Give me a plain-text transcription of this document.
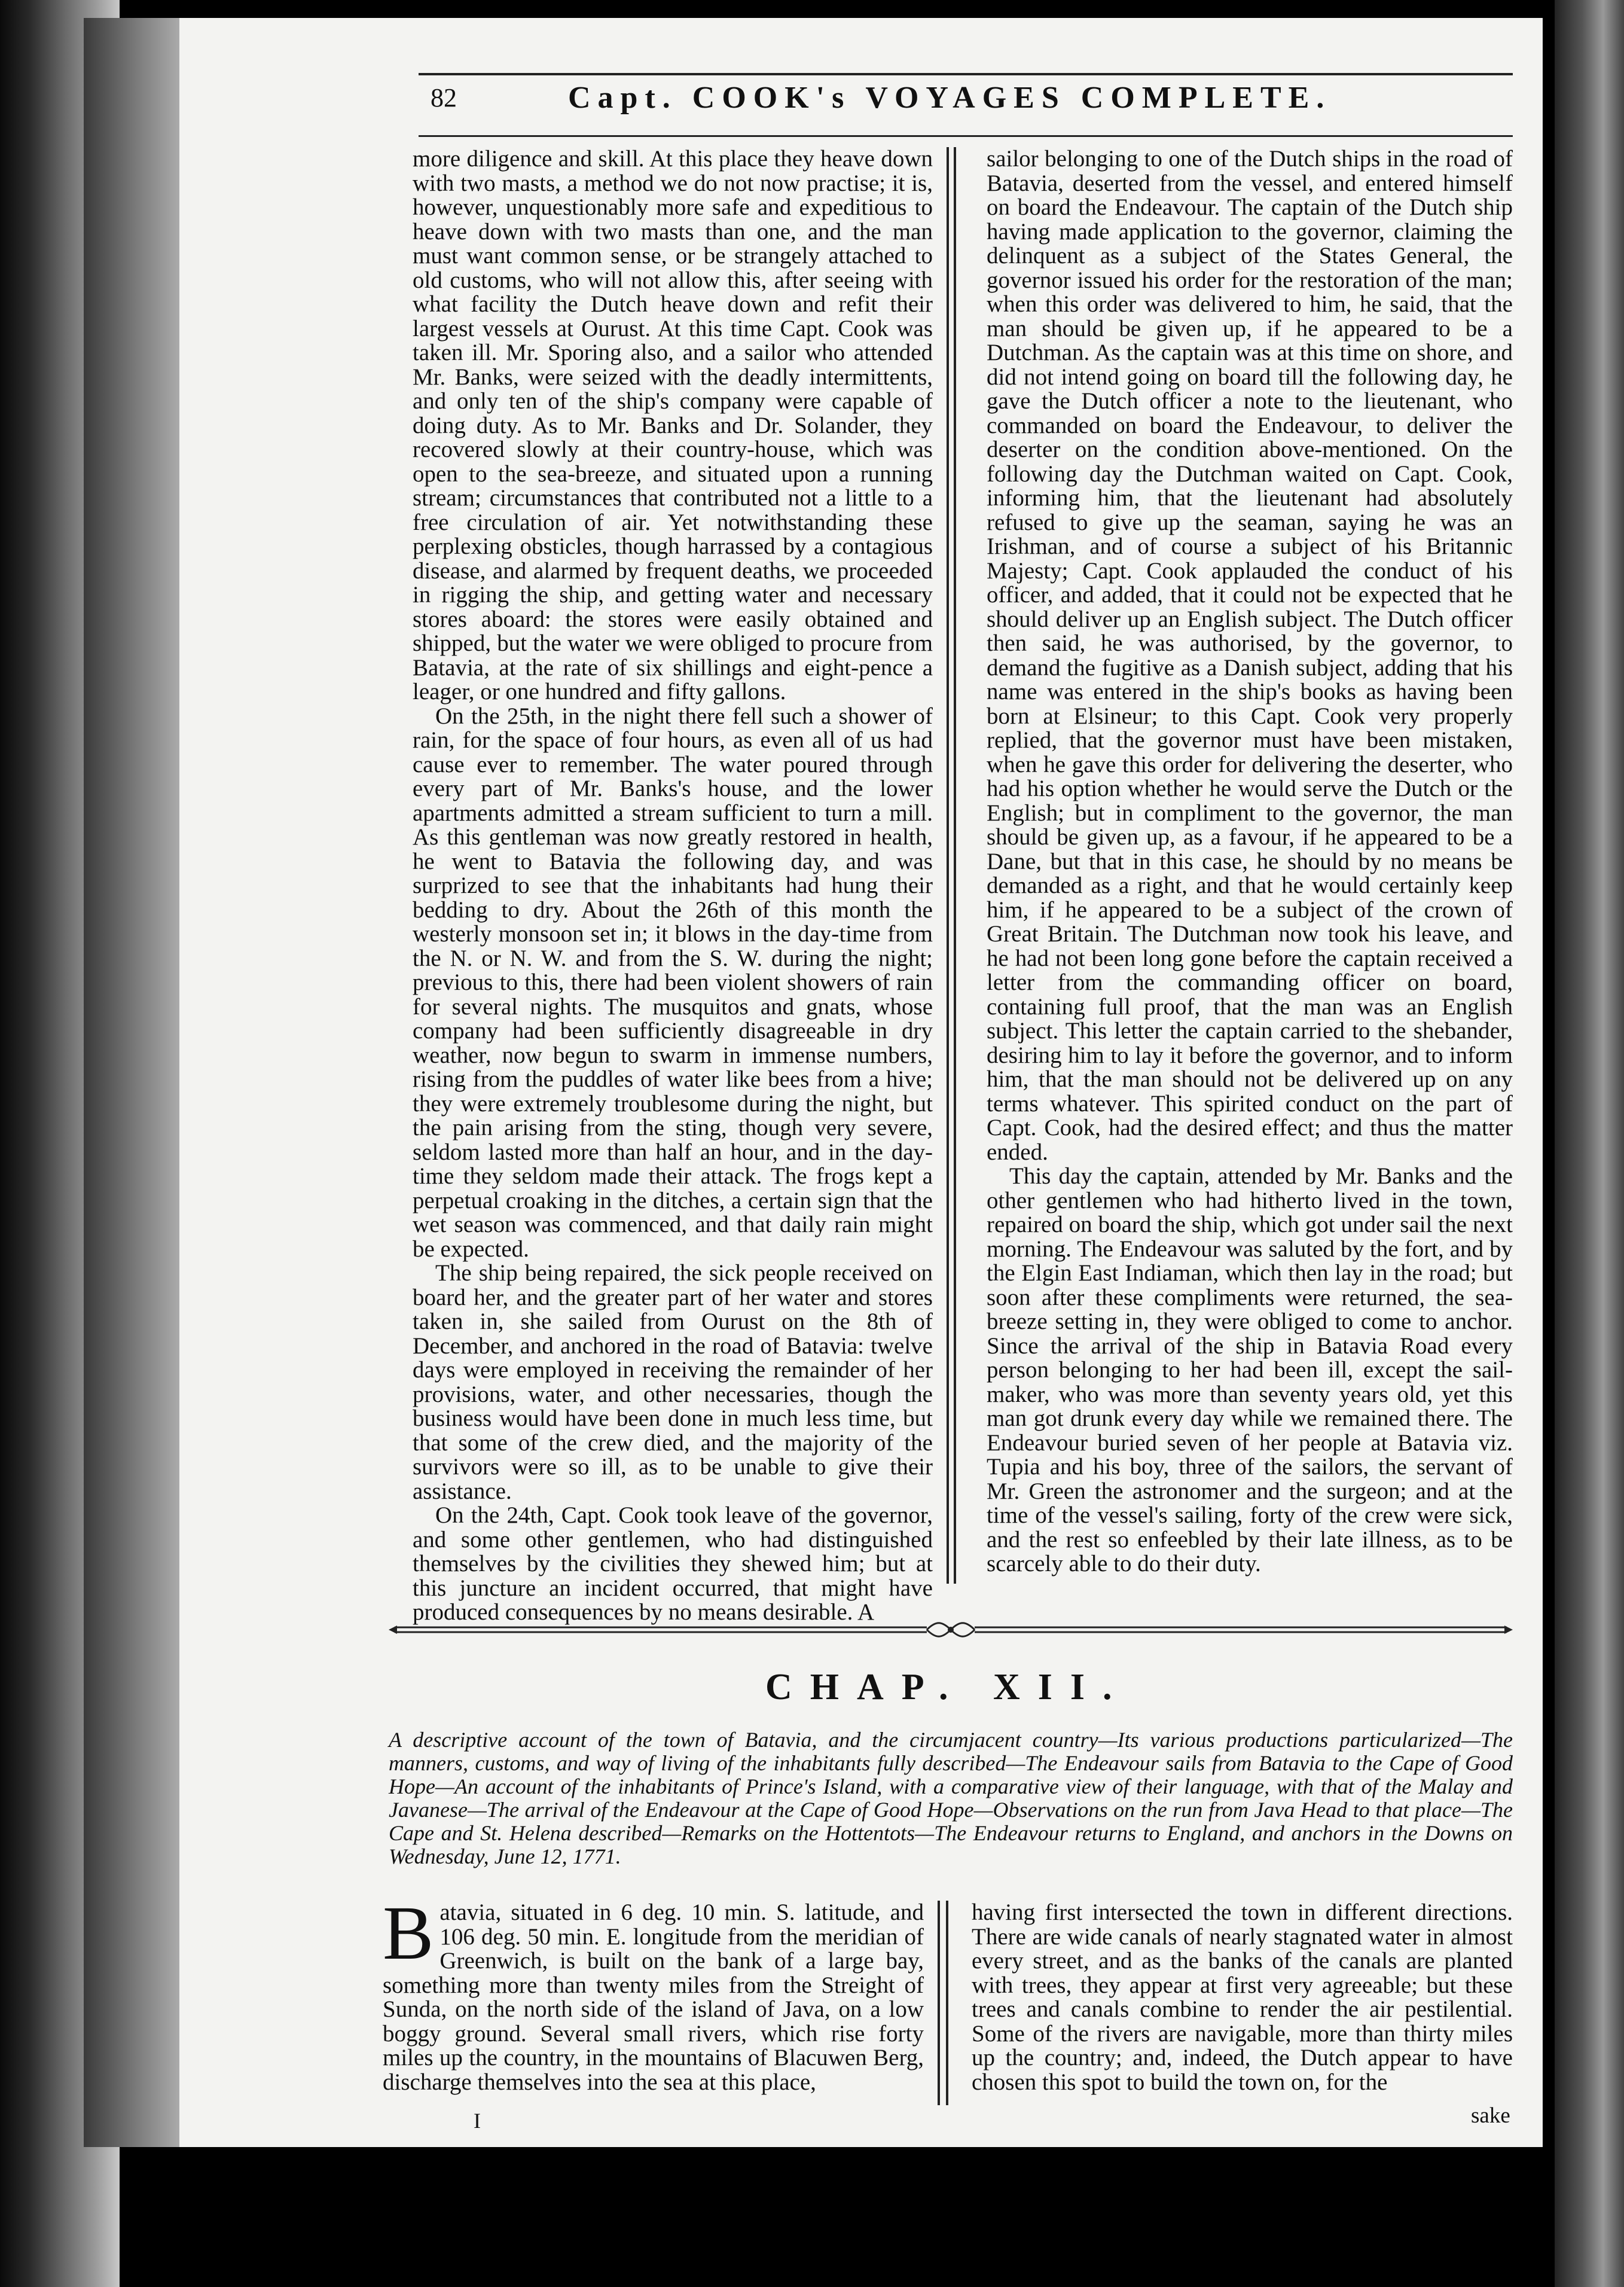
82	Capt. COOK's VOYAGES COMPLETE.

more diligence and skill. At this place they heave down with two masts, a method we do not now practise; it is, however, unquestionably more safe and expeditious to heave down with two masts than one, and the man must want common sense, or be strangely attached to old customs, who will not allow this, after seeing with what facility the Dutch heave down and refit their largest vessels at Ourust. At this time Capt. Cook was taken ill. Mr. Sporing also, and a sailor who attended Mr. Banks, were seized with the deadly intermittents, and only ten of the ship's company were capable of doing duty. As to Mr. Banks and Dr. Solander, they recovered slowly at their country-house, which was open to the sea-breeze, and situated upon a running stream; circumstances that contributed not a little to a free circulation of air. Yet notwithstanding these perplexing obsticles, though harrassed by a contagious disease, and alarmed by frequent deaths, we proceeded in rigging the ship, and getting water and necessary stores aboard: the stores were easily obtained and shipped, but the water we were obliged to procure from Batavia, at the rate of six shillings and eight-pence a leager, or one hundred and fifty gallons.

On the 25th, in the night there fell such a shower of rain, for the space of four hours, as even all of us had cause ever to remember. The water poured through every part of Mr. Banks's house, and the lower apartments admitted a stream sufficient to turn a mill. As this gentleman was now greatly restored in health, he went to Batavia the following day, and was surprized to see that the inhabitants had hung their bedding to dry. About the 26th of this month the westerly monsoon set in; it blows in the day-time from the N. or N. W. and from the S. W. during the night; previous to this, there had been violent showers of rain for several nights. The musquitos and gnats, whose company had been sufficiently disagreeable in dry weather, now begun to swarm in immense numbers, rising from the puddles of water like bees from a hive; they were extremely troublesome during the night, but the pain arising from the sting, though very severe, seldom lasted more than half an hour, and in the day-time they seldom made their attack. The frogs kept a perpetual croaking in the ditches, a certain sign that the wet season was commenced, and that daily rain might be expected.

The ship being repaired, the sick people received on board her, and the greater part of her water and stores taken in, she sailed from Ourust on the 8th of December, and anchored in the road of Batavia: twelve days were employed in receiving the remainder of her provisions, water, and other necessaries, though the business would have been done in much less time, but that some of the crew died, and the majority of the survivors were so ill, as to be unable to give their assistance.

On the 24th, Capt. Cook took leave of the governor, and some other gentlemen, who had distinguished themselves by the civilities they shewed him; but at this juncture an incident occurred, that might have produced consequences by no means desirable. A

sailor belonging to one of the Dutch ships in the road of Batavia, deserted from the vessel, and entered himself on board the Endeavour. The captain of the Dutch ship having made application to the governor, claiming the delinquent as a subject of the States General, the governor issued his order for the restoration of the man; when this order was delivered to him, he said, that the man should be given up, if he appeared to be a Dutchman. As the captain was at this time on shore, and did not intend going on board till the following day, he gave the Dutch officer a note to the lieutenant, who commanded on board the Endeavour, to deliver the deserter on the condition above-mentioned. On the following day the Dutchman waited on Capt. Cook, informing him, that the lieutenant had absolutely refused to give up the seaman, saying he was an Irishman, and of course a subject of his Britannic Majesty; Capt. Cook applauded the conduct of his officer, and added, that it could not be expected that he should deliver up an English subject. The Dutch officer then said, he was authorised, by the governor, to demand the fugitive as a Danish subject, adding that his name was entered in the ship's books as having been born at Elsineur; to this Capt. Cook very properly replied, that the governor must have been mistaken, when he gave this order for delivering the deserter, who had his option whether he would serve the Dutch or the English; but in compliment to the governor, the man should be given up, as a favour, if he appeared to be a Dane, but that in this case, he should by no means be demanded as a right, and that he would certainly keep him, if he appeared to be a subject of the crown of Great Britain. The Dutchman now took his leave, and he had not been long gone before the captain received a letter from the commanding officer on board, containing full proof, that the man was an English subject. This letter the captain carried to the shebander, desiring him to lay it before the governor, and to inform him, that the man should not be delivered up on any terms whatever. This spirited conduct on the part of Capt. Cook, had the desired effect; and thus the matter ended.

This day the captain, attended by Mr. Banks and the other gentlemen who had hitherto lived in the town, repaired on board the ship, which got under sail the next morning. The Endeavour was saluted by the fort, and by the Elgin East Indiaman, which then lay in the road; but soon after these compliments were returned, the sea-breeze setting in, they were obliged to come to anchor. Since the arrival of the ship in Batavia Road every person belonging to her had been ill, except the sail-maker, who was more than seventy years old, yet this man got drunk every day while we remained there. The Endeavour buried seven of her people at Batavia viz. Tupia and his boy, three of the sailors, the servant of Mr. Green the astronomer and the surgeon; and at the time of the vessel's sailing, forty of the crew were sick, and the rest so enfeebled by their late illness, as to be scarcely able to do their duty.

CHAP. XII.
A descriptive account of the town of Batavia, and the circumjacent country—Its various productions particularized—The manners, customs, and way of living of the inhabitants fully described—The Endeavour sails from Batavia to the Cape of Good Hope—An account of the inhabitants of Prince's Island, with a comparative view of their language, with that of the Malay and Javanese—The arrival of the Endeavour at the Cape of Good Hope—Observations on the run from Java Head to that place—The Cape and St. Helena described—Remarks on the Hottentots—The Endeavour returns to England, and anchors in the Downs on Wednesday, June 12, 1771.

Batavia, situated in 6 deg. 10 min. S. latitude, and 106 deg. 50 min. E. longitude from the meridian of Greenwich, is built on the bank of a large bay, something more than twenty miles from the Streight of Sunda, on the north side of the island of Java, on a low boggy ground. Several small rivers, which rise forty miles up the country, in the mountains of Blacuwen Berg, discharge themselves into the sea at this place,

having first intersected the town in different directions. There are wide canals of nearly stagnated water in almost every street, and as the banks of the canals are planted with trees, they appear at first very agreeable; but these trees and canals combine to render the air pestilential. Some of the rivers are navigable, more than thirty miles up the country; and, indeed, the Dutch appear to have chosen this spot to build the town on, for the

I	sake
